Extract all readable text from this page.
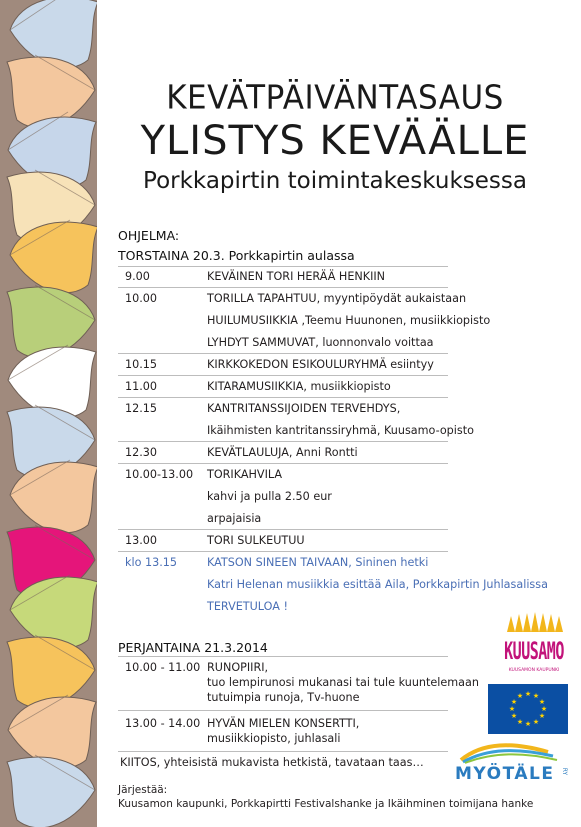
KEVÄTPÄIVÄNTASAUS
YLISTYS KEVÄÄLLE
Porkkapirtin toimintakeskuksessa
OHJELMA:
TORSTAINA 20.3. Porkkapirtin aulassa
9.00	KEVÄINEN TORI HERÄÄ HENKIIN
10.00	TORILLA TAPAHTUU, myyntipöydät aukaistaan
HUILUMUSIIKKIA ,Teemu Huunonen, musiikkiopisto
LYHDYT SAMMUVAT, luonnonvalo voittaa
10.15	KIRKKOKEDON ESIKOULURYHMÄ esiintyy
11.00	KITARAMUSIIKKIA, musiikkiopisto
12.15	KANTRITANSSIJOIDEN TERVEHDYS,
Ikäihmisten kantritanssiryhmä, Kuusamo-opisto
12.30	KEVÄTLAULUJA, Anni Rontti
10.00-13.00 TORIKAHVILA
kahvi ja pulla 2.50 eur
arpajaisia
13.00	TORI SULKEUTUU
klo 13.15	KATSON SINEEN TAIVAAN, Sininen hetki
Katri Helenan musiikkia esittää Aila, Porkkapirtin Juhlasalissa
TERVETULOA !
PERJANTAINA 21.3.2014
10.00 - 11.00 RUNOPIIRI,
tuo lempirunosi mukanasi tai tule kuuntelemaan
tutuimpia runoja, Tv-huone
13.00 - 14.00 HYVÄN MIELEN KONSERTTI,
musiikkiopisto, juhlasali
KIITOS, yhteisistä mukavista hetkistä, tavataan taas…
Järjestää:
Kuusamon kaupunki, Porkkapirtti Festivalshanke ja Ikäihminen toimijana hanke
KUUSAMO
KUUSAMON KAUPUNKI
★ ★
★
★
★
★
★
★
★
★
★
★
MYÖTÄLE RY
